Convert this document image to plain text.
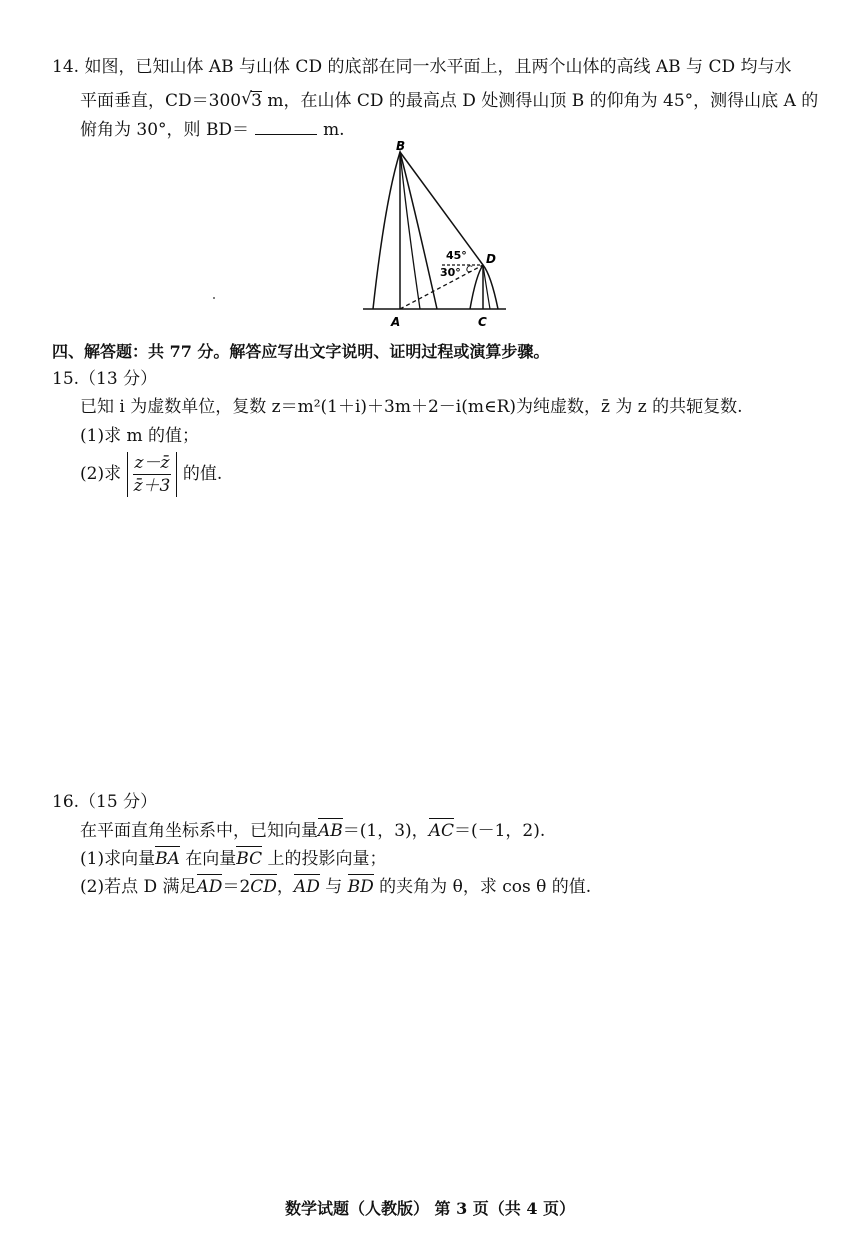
14. 如图，已知山体 AB 与山体 CD 的底部在同一水平面上，且两个山体的高线 AB 与 CD 均与水
平面垂直，CD＝300 √ 3 m，在山体 CD 的最高点 D 处测得山顶 B 的仰角为 45°，测得山底 A 的
俯角为 30°，则 BD＝	m.
B
D
A	C
45°
30° C
四、解答题：共 77 分。解答应写出文字说明、证明过程或演算步骤。
15.（13 分）
已知 i 为虚数单位，复数 z＝m²(1＋i)＋3m＋2－i(m∈R)为纯虚数，z̄ 为 z 的共轭复数.
(1)求 m 的值；
(2)求 $\frac{z-z̄}{z̄+3}$ 的值.
16.（15 分）
在平面直角坐标系中，已知向量AB＝(1，3)，AC＝(－1，2).
(1)求向量BA 在向量BC 上的投影向量；
(2)若点 D 满足AD＝2CD，AD 与 BD 的夹角为 θ，求 cos θ 的值.
数学试题（人教版） 第 3 页（共 4 页）
